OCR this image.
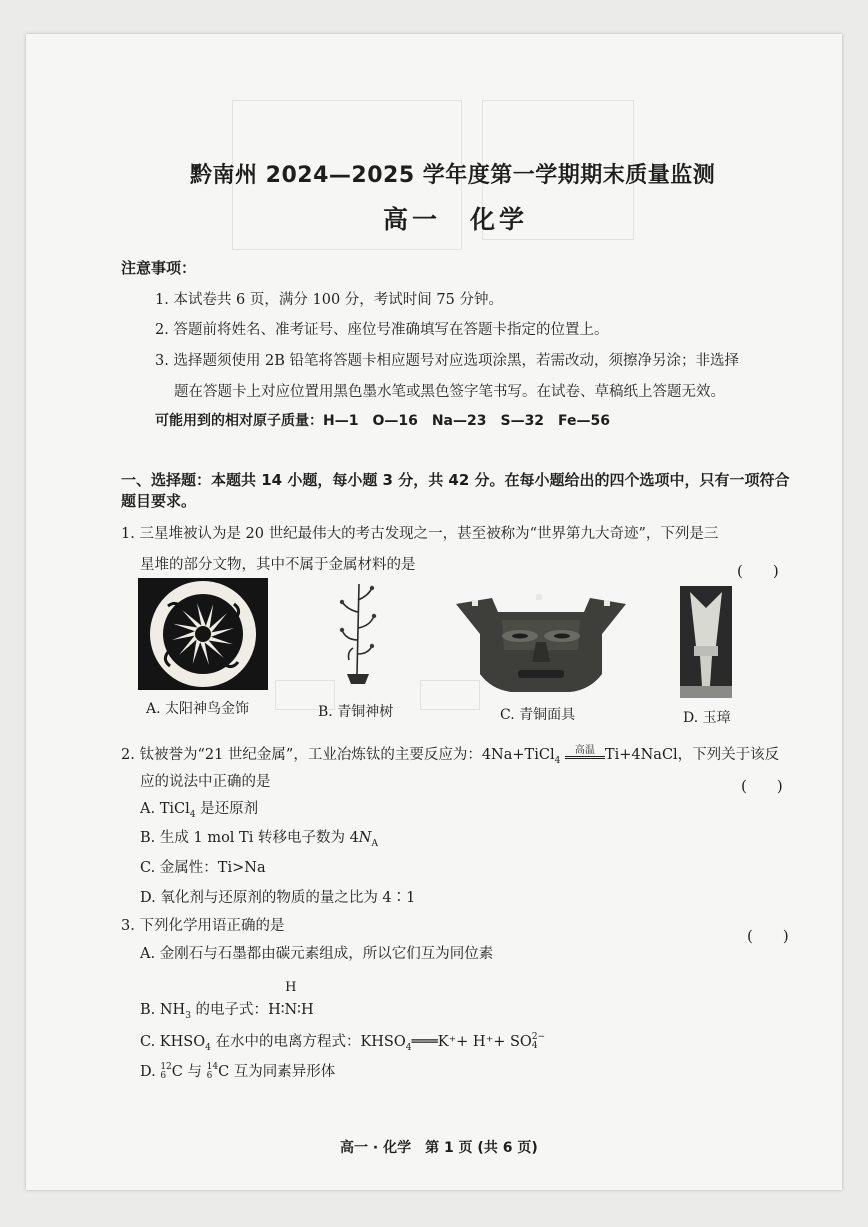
黔南州 2024—2025 学年度第一学期期末质量监测
高一　化学
注意事项：
1. 本试卷共 6 页，满分 100 分，考试时间 75 分钟。
2. 答题前将姓名、准考证号、座位号准确填写在答题卡指定的位置上。
3. 选择题须使用 2B 铅笔将答题卡相应题号对应选项涂黑，若需改动，须擦净另涂；非选择
题在答题卡上对应位置用黑色墨水笔或黑色签字笔书写。在试卷、草稿纸上答题无效。
可能用到的相对原子质量：H—1　O—16　Na—23　S—32　Fe—56
一、选择题：本题共 14 小题，每小题 3 分，共 42 分。在每小题给出的四个选项中，只有一项符合
题目要求。
1. 三星堆被认为是 20 世纪最伟大的考古发现之一，甚至被称为“世界第九大奇迹”，下列是三
星堆的部分文物，其中不属于金属材料的是	(　　)
A. 太阳神鸟金饰	B. 青铜神树	C. 青铜面具	D. 玉璋
2. 钛被誉为“21 世纪金属”，工业冶炼钛的主要反应为：4Na+TiCl$_4$
高温 Ti+4NaCl，下列关于该反
应的说法中正确的是	(　　)
A. TiCl$_4$ 是还原剂
B. 生成 1 mol Ti 转移电子数为 $4N_A$
C. 金属性：Ti>Na
D. 氧化剂与还原剂的物质的量之比为 4∶1
3. 下列化学用语正确的是
(　　)
A. 金刚石与石墨都由碳元素组成，所以它们互为同位素
B. $NH_3$ 的电子式：
H
H∶N∶H
C. $KHSO_4$ 在水中的电离方程式：$KHSO_4═══K^++ H^++$ SO 2−
4
D. 12
6 C 与 14
6 C 互为同素异形体
高一 · 化学　第 1 页 (共 6 页)
